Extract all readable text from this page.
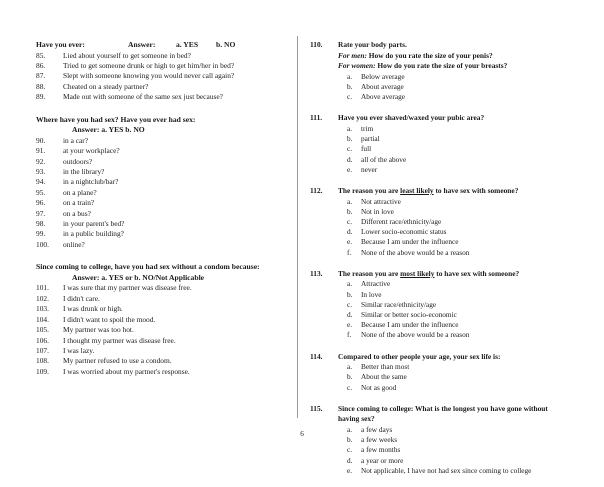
Have you ever:	Answer:	a. YES	b. NO
85.	Lied about yourself to get someone in bed?
86.	Tried to get someone drunk or high to get him/her in bed?
87.	Slept with someone knowing you would never call again?
88.	Cheated on a steady partner?
89.	Made out with someone of the same sex just because?
Where have you had sex? Have you ever had sex:
Answer: a. YES b. NO
90.	in a car?
91.	at your workplace?
92.	outdoors?
93.	in the library?
94.	in a nightclub/bar?
95.	on a plane?
96.	on a train?
97.	on a bus?
98.	in your parent's bed?
99.	in a public building?
100.	online?
Since coming to college, have you had sex without a condom because:
Answer: a. YES or b. NO/Not Applicable
101.	I was sure that my partner was disease free.
102.	I didn't care.
103.	I was drunk or high.
104.	I didn't want to spoil the mood.
105.	My partner was too hot.
106.	I thought my partner was disease free.
107.	I was lazy.
108.	My partner refused to use a condom.
109.	I was worried about my partner's response.
110.	Rate your body parts.
For men: How do you rate the size of your penis?
For women: How do you rate the size of your breasts?
a.	Below average
b.	About average
c.	Above average
111.	Have you ever shaved/waxed your pubic area?
a.	trim
b.	partial
c.	full
d.	all of the above
e.	never
112.	The reason you are least likely to have sex with someone?
a.	Not attractive
b.	Not in love
c.	Different race/ethnicity/age
d.	Lower socio-economic status
e.	Because I am under the influence
f.	None of the above would be a reason
113.	The reason you are most likely to have sex with someone?
a.	Attractive
b.	In love
c.	Similar race/ethnicity/age
d.	Similar or better socio-economic
e.	Because I am under the influence
f.	None of the above would be a reason
114.	Compared to other people your age, your sex life is:
a.	Better than most
b.	About the same
c.	Not as good
115.	Since coming to college: What is the longest you have gone without
having sex?
a.	a few days
b.	a few weeks
c.	a few months
d.	a year or more
e.	Not applicable, I have not had sex since coming to college
6
